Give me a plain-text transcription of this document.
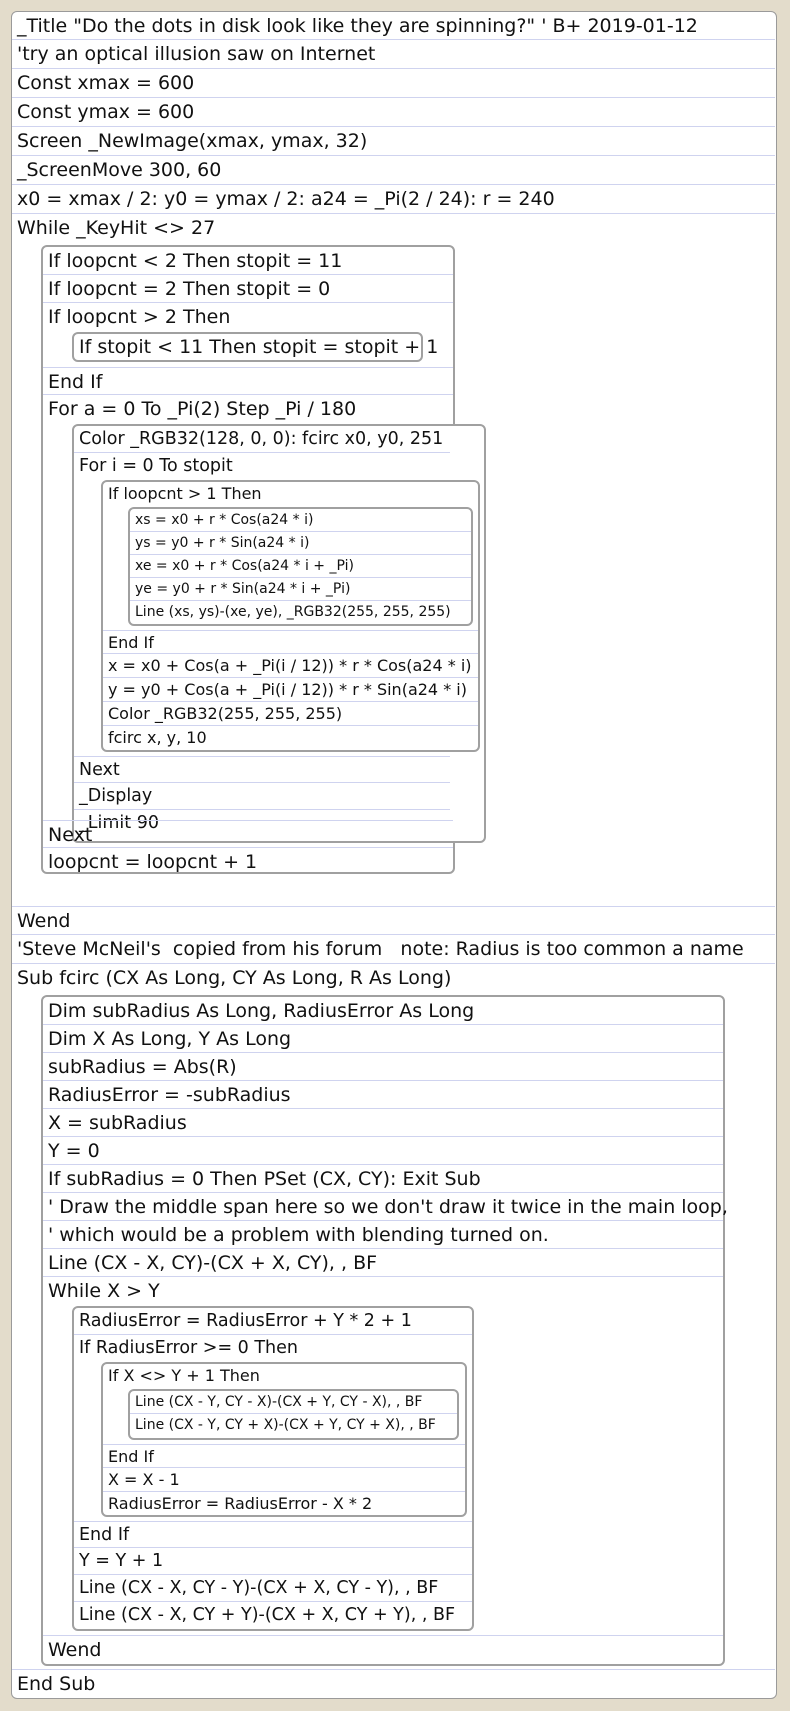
_Title "Do the dots in disk look like they are spinning?" ' B+ 2019-01-12
'try an optical illusion saw on Internet
Const xmax = 600
Const ymax = 600
Screen _NewImage(xmax, ymax, 32)
_ScreenMove 300, 60
x0 = xmax / 2: y0 = ymax / 2: a24 = _Pi(2 / 24): r = 240
While _KeyHit <> 27
If loopcnt < 2 Then stopit = 11
If loopcnt = 2 Then stopit = 0
If loopcnt > 2 Then
If stopit < 11 Then stopit = stopit + 1
End If
For a = 0 To _Pi(2) Step _Pi / 180
Color _RGB32(128, 0, 0): fcirc x0, y0, 251
For i = 0 To stopit
If loopcnt > 1 Then
xs = x0 + r * Cos(a24 * i)
ys = y0 + r * Sin(a24 * i)
xe = x0 + r * Cos(a24 * i + _Pi)
ye = y0 + r * Sin(a24 * i + _Pi)
Line (xs, ys)-(xe, ye), _RGB32(255, 255, 255)
End If
x = x0 + Cos(a + _Pi(i / 12)) * r * Cos(a24 * i)
y = y0 + Cos(a + _Pi(i / 12)) * r * Sin(a24 * i)
Color _RGB32(255, 255, 255)
fcirc x, y, 10
Next
_Display
_Limit 90
Next
loopcnt = loopcnt + 1
Wend
'Steve McNeil's  copied from his forum   note: Radius is too common a name
Sub fcirc (CX As Long, CY As Long, R As Long)
Dim subRadius As Long, RadiusError As Long
Dim X As Long, Y As Long
subRadius = Abs(R)
RadiusError = -subRadius
X = subRadius
Y = 0
If subRadius = 0 Then PSet (CX, CY): Exit Sub
' Draw the middle span here so we don't draw it twice in the main loop,
' which would be a problem with blending turned on.
Line (CX - X, CY)-(CX + X, CY), , BF
While X > Y
RadiusError = RadiusError + Y * 2 + 1
If RadiusError >= 0 Then
If X <> Y + 1 Then
Line (CX - Y, CY - X)-(CX + Y, CY - X), , BF
Line (CX - Y, CY + X)-(CX + Y, CY + X), , BF
End If
X = X - 1
RadiusError = RadiusError - X * 2
End If
Y = Y + 1
Line (CX - X, CY - Y)-(CX + X, CY - Y), , BF
Line (CX - X, CY + Y)-(CX + X, CY + Y), , BF
Wend
End Sub
